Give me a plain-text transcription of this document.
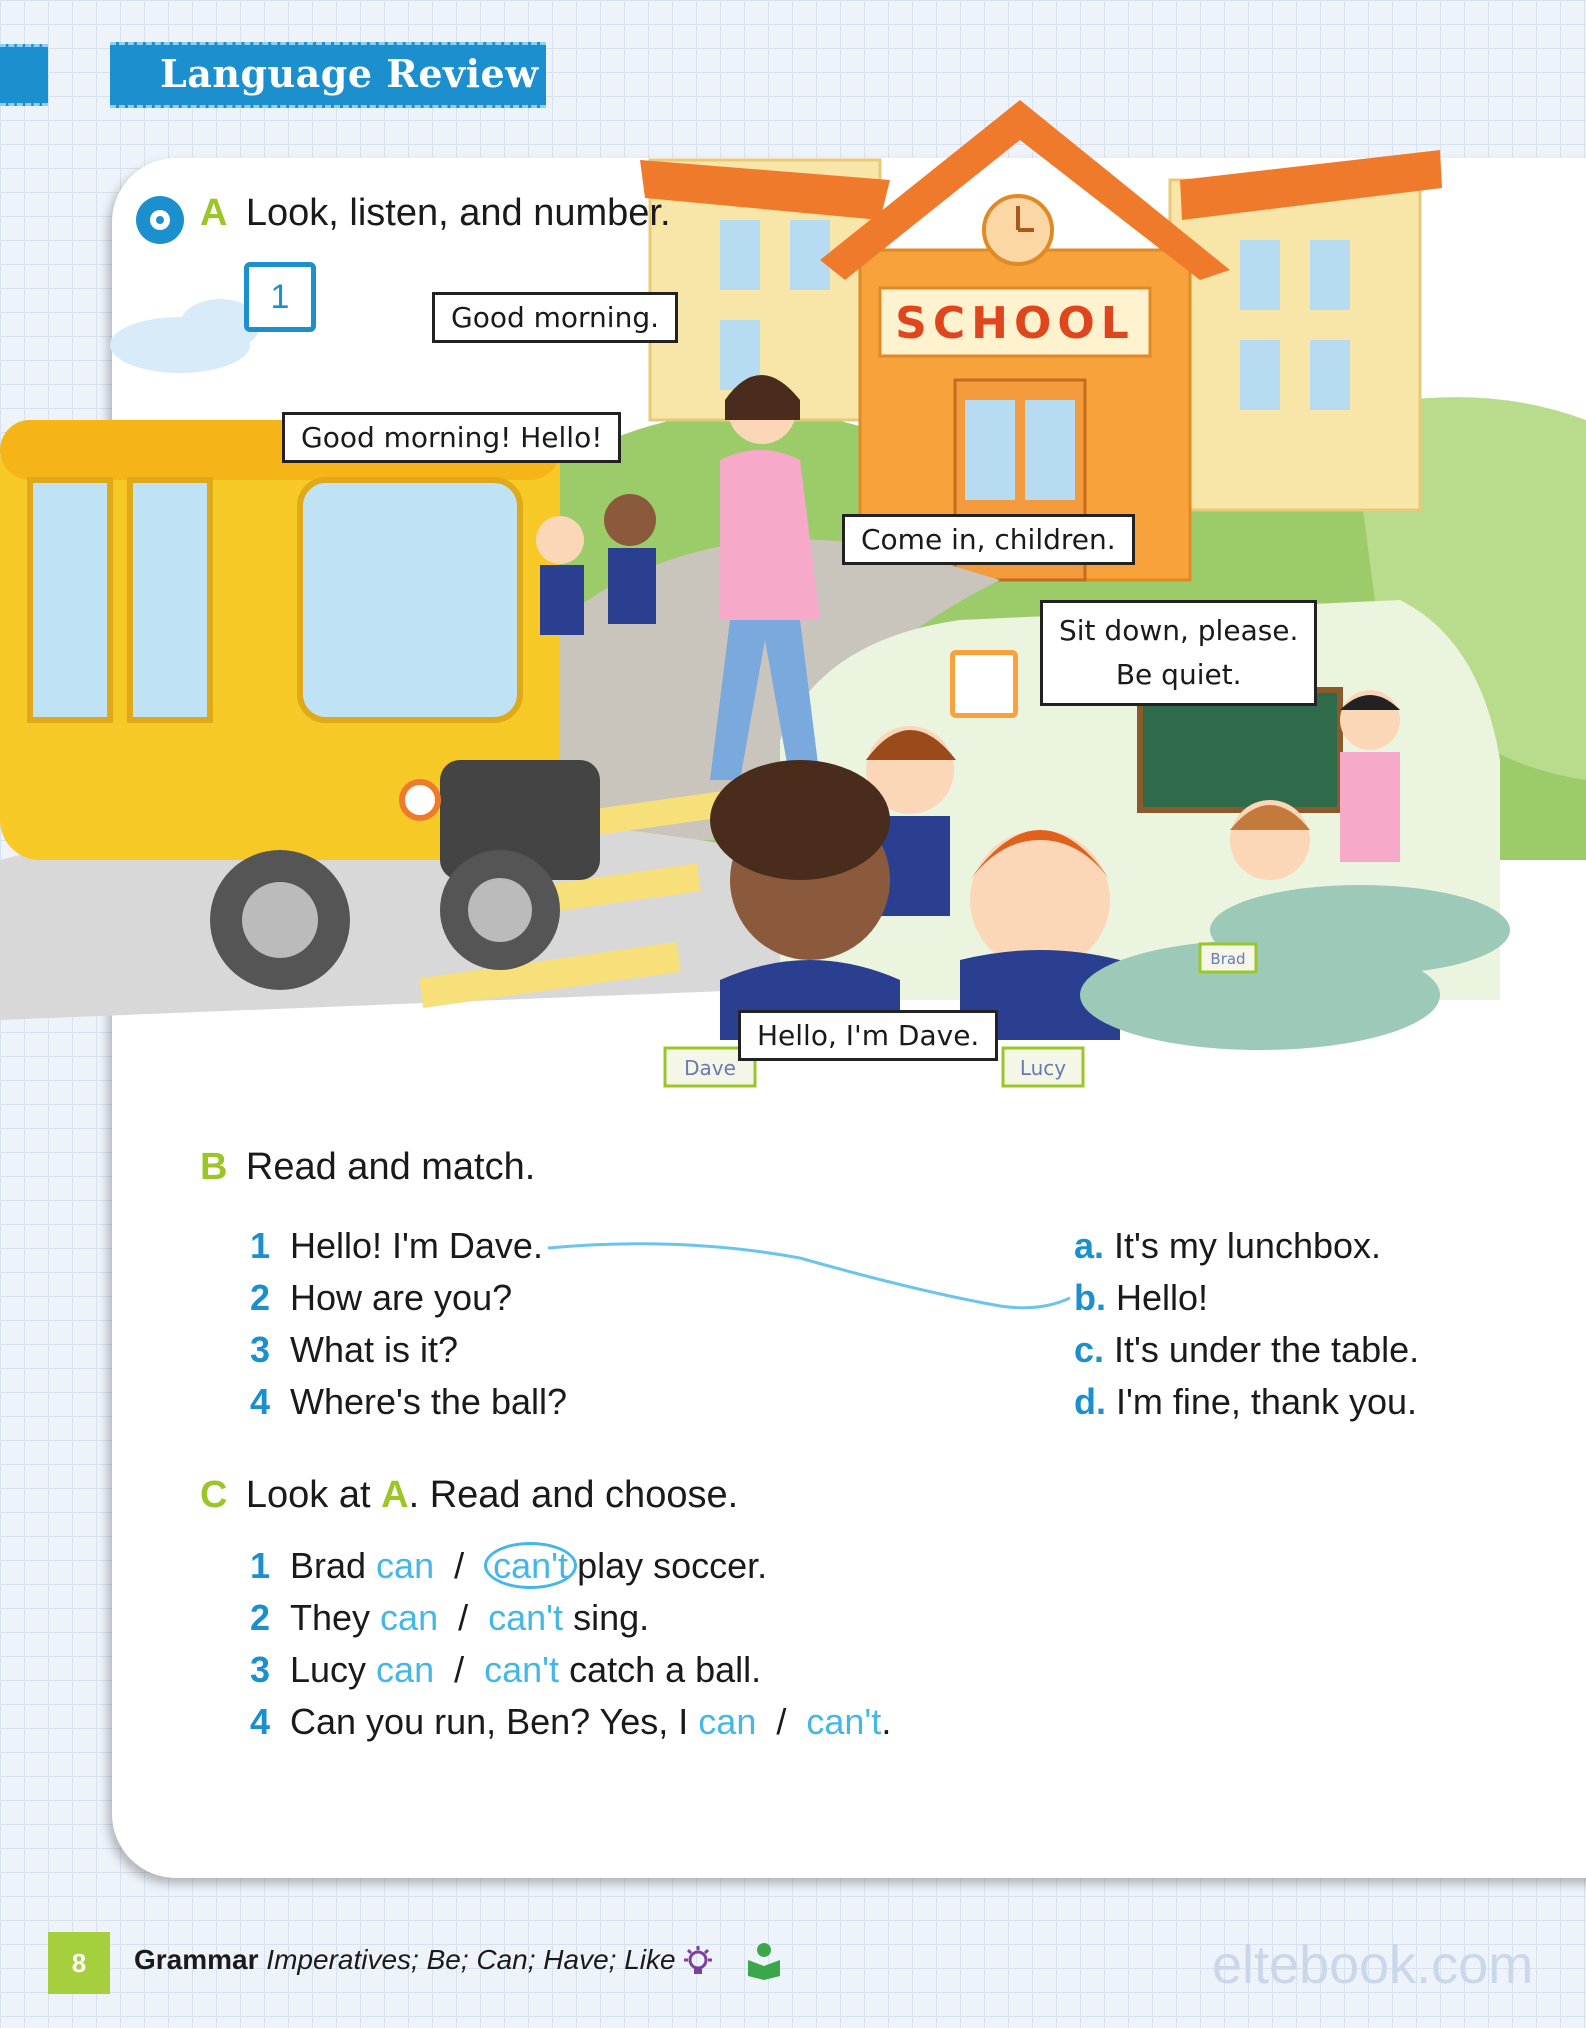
Language Review
SCHOOL
Dave	Lucy
Brad
A Look, listen, and number.
1
Good morning.
Good morning! Hello!
Come in, children.
Sit down, please.
Be quiet.
Hello, I'm Dave.
B Read and match.
1 Hello! I'm Dave.
2 How are you?
3 What is it?
4 Where's the ball?
a. It's my lunchbox.
b. Hello!
c. It's under the table.
d. I'm fine, thank you.
C Look at A. Read and choose.
1 Brad can / can't play soccer.
2 They can / can't sing.
3 Lucy can / can't catch a ball.
4 Can you run, Ben? Yes, I can / can't.
8	Grammar Imperatives; Be; Can; Have; Like	eltebook.com
